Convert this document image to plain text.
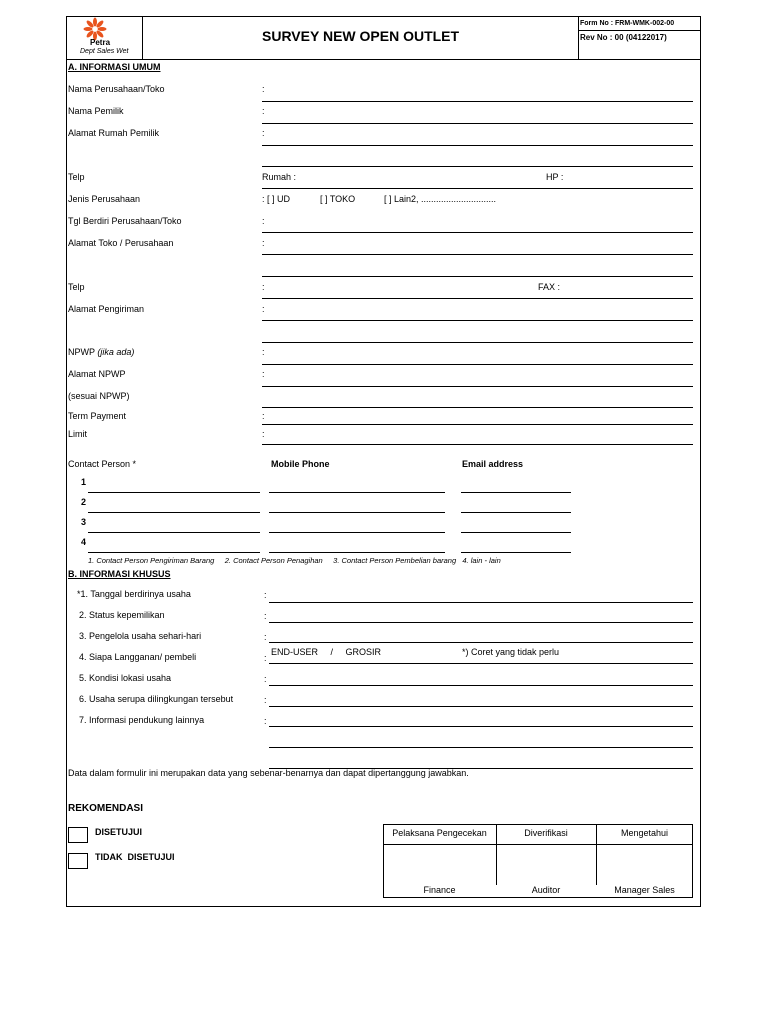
Petra
Dept Sales Wet
SURVEY NEW OPEN OUTLET
Form No : FRM-WMK-002-00
Rev No : 00 (04122017)
A. INFORMASI UMUM
Nama Perusahaan/Toko	:
Nama Pemilik	:
Alamat Rumah Pemilik	:
Telp	Rumah :	HP :
Jenis Perusahaan	: [ ] UD	[ ] TOKO	[ ] Lain2, ..............................
Tgl Berdiri Perusahaan/Toko	:
Alamat Toko / Perusahaan	:
Telp	:	FAX :
Alamat Pengiriman	:
NPWP (jika ada)	:
Alamat NPWP	:
(sesuai NPWP)
Term Payment	:
Limit	:
Contact Person *	Mobile Phone	Email address
1
2
3
4
1. Contact Person Pengiriman Barang     2. Contact Person Penagihan     3. Contact Person Pembelian barang   4. lain - lain
B. INFORMASI KHUSUS
*1. Tanggal berdirinya usaha	:
2. Status kepemilikan	:
3. Pengelola usaha sehari-hari	:
4. Siapa Langganan/ pembeli	:
END-USER     /     GROSIR	*) Coret yang tidak perlu
5. Kondisi lokasi usaha	:
6. Usaha serupa dilingkungan tersebut	:
7. Informasi pendukung lainnya	:
Data dalam formulir ini merupakan data yang sebenar-benarnya dan dapat dipertanggung jawabkan.
REKOMENDASI
DISETUJUI
TIDAK  DISETUJUI
Pelaksana Pengecekan	Diverifikasi	Mengetahui
Finance	Auditor	Manager Sales
